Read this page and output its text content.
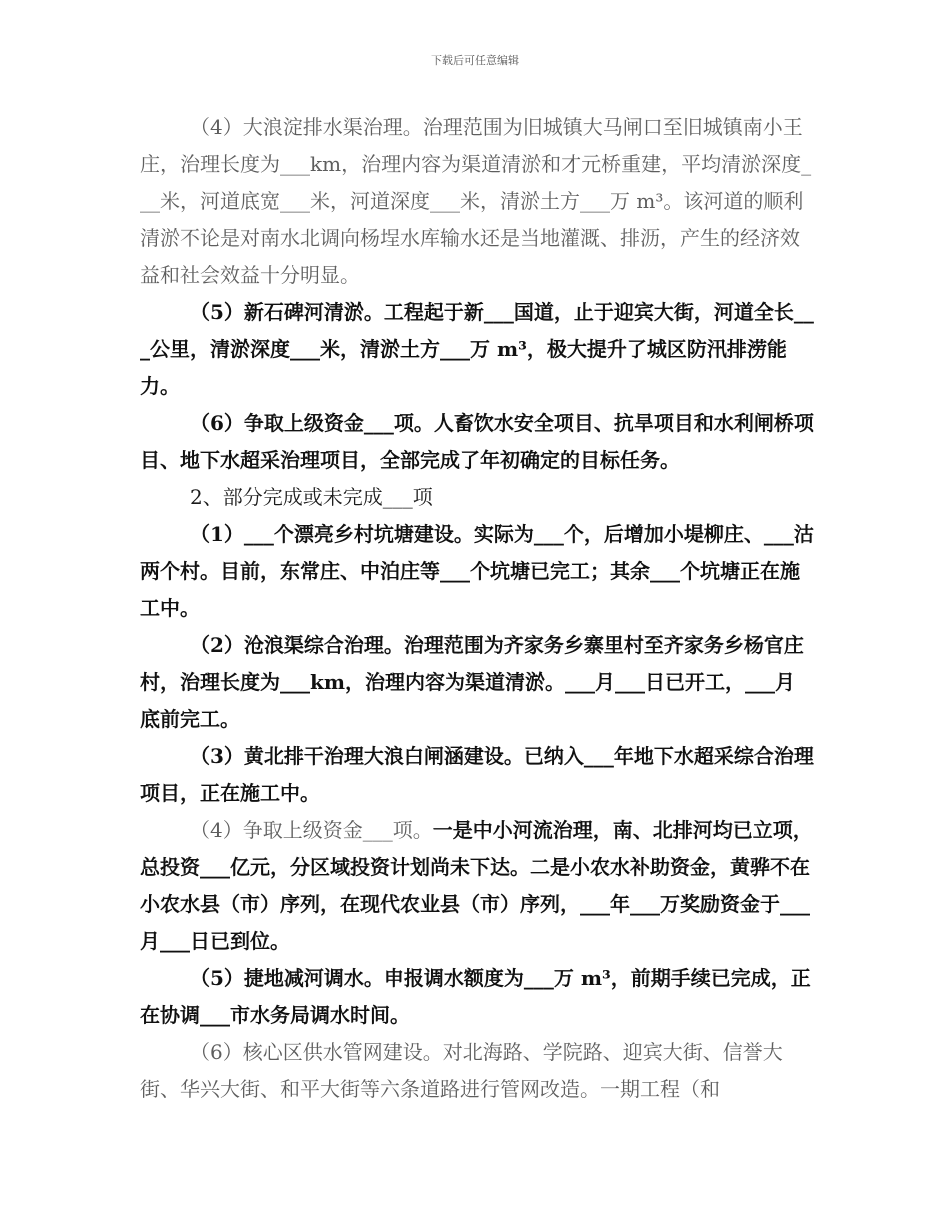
下载后可任意编辑

（4）大浪淀排水渠治理。治理范围为旧城镇大马闸口至旧城镇南小王庄，治理长度为___km，治理内容为渠道清淤和才元桥重建，平均清淤深度___米，河道底宽___米，河道深度___米，清淤土方___万 m³。该河道的顺利清淤不论是对南水北调向杨埕水库输水还是当地灌溉、排沥，产生的经济效益和社会效益十分明显。

（5）新石碑河清淤。工程起于新___国道，止于迎宾大街，河道全长___公里，清淤深度___米，清淤土方___万 m³，极大提升了城区防汛排涝能力。

（6）争取上级资金___项。人畜饮水安全项目、抗旱项目和水利闸桥项目、地下水超采治理项目，全部完成了年初确定的目标任务。

2、部分完成或未完成___项

（1）___个漂亮乡村坑塘建设。实际为___个，后增加小堤柳庄、___沽两个村。目前，东常庄、中泊庄等___个坑塘已完工；其余___个坑塘正在施工中。

（2）沧浪渠综合治理。治理范围为齐家务乡寨里村至齐家务乡杨官庄村，治理长度为___km，治理内容为渠道清淤。___月___日已开工，___月底前完工。

（3）黄北排干治理大浪白闸涵建设。已纳入___年地下水超采综合治理项目，正在施工中。

（4）争取上级资金___项。一是中小河流治理，南、北排河均已立项，总投资___亿元，分区域投资计划尚未下达。二是小农水补助资金，黄骅不在小农水县（市）序列，在现代农业县（市）序列，___年___万奖励资金于___月___日已到位。

（5）捷地减河调水。申报调水额度为___万 m³，前期手续已完成，正在协调___市水务局调水时间。

（6）核心区供水管网建设。对北海路、学院路、迎宾大街、信誉大街、华兴大街、和平大街等六条道路进行管网改造。一期工程（和
